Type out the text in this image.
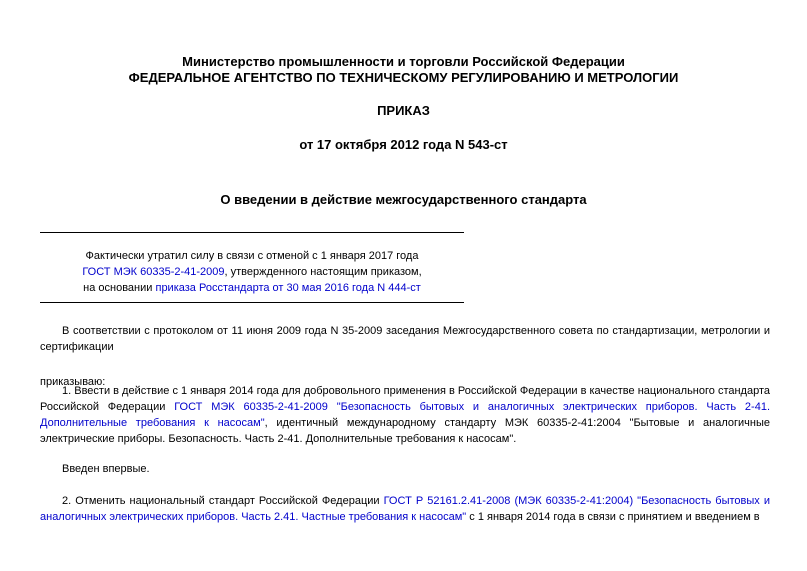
Министерство промышленности и торговли Российской Федерации
ФЕДЕРАЛЬНОЕ АГЕНТСТВО ПО ТЕХНИЧЕСКОМУ РЕГУЛИРОВАНИЮ И МЕТРОЛОГИИ
ПРИКАЗ
от 17 октября 2012 года N 543-ст
О введении в действие межгосударственного стандарта
Фактически утратил силу в связи с отменой с 1 января 2017 года
ГОСТ МЭК 60335-2-41-2009, утвержденного настоящим приказом,
на основании приказа Росстандарта от 30 мая 2016 года N 444-ст
В соответствии с протоколом от 11 июня 2009 года N 35-2009 заседания Межгосударственного совета по стандартизации, метрологии и сертификации
приказываю:
1. Ввести в действие с 1 января 2014 года для добровольного применения в Российской Федерации в качестве национального стандарта Российской Федерации ГОСТ МЭК 60335-2-41-2009 "Безопасность бытовых и аналогичных электрических приборов. Часть 2-41. Дополнительные требования к насосам", идентичный международному стандарту МЭК 60335-2-41:2004 "Бытовые и аналогичные электрические приборы. Безопасность. Часть 2-41. Дополнительные требования к насосам".
Введен впервые.
2. Отменить национальный стандарт Российской Федерации ГОСТ Р 52161.2.41-2008 (МЭК 60335-2-41:2004) "Безопасность бытовых и аналогичных электрических приборов. Часть 2.41. Частные требования к насосам" с 1 января 2014 года в связи с принятием и введением в
